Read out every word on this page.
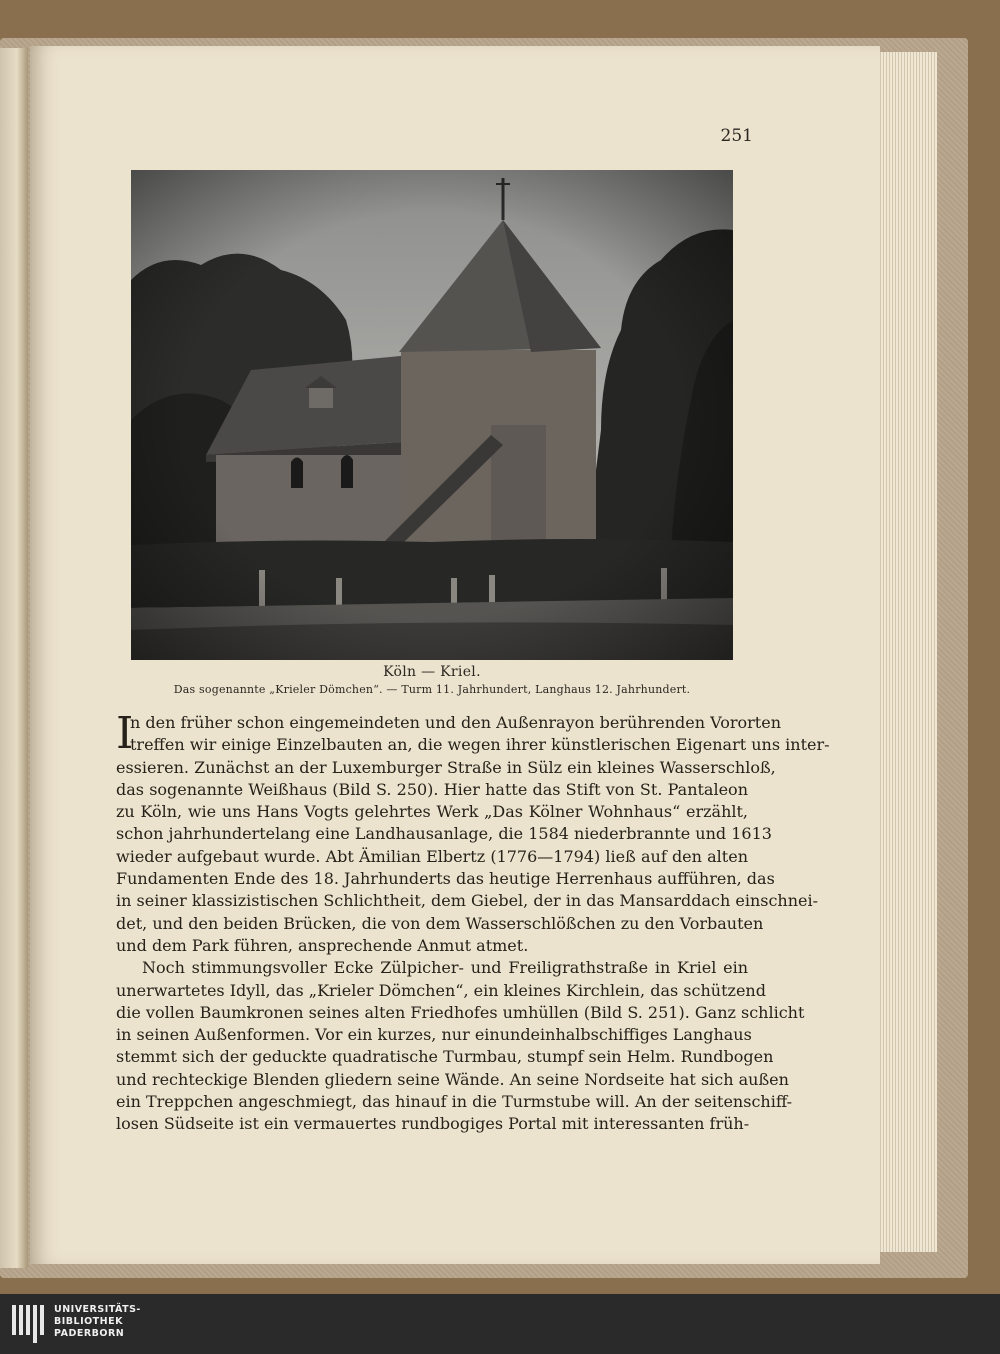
251
Köln — Kriel.
Das sogenannte „Krieler Dömchen“. — Turm 11. Jahrhundert, Langhaus 12. Jahrhundert.
I
n den früher schon eingemeindeten und den Außenrayon berührenden Vororten
treffen wir einige Einzelbauten an, die wegen ihrer künstlerischen Eigenart uns inter-
essieren. Zunächst an der Luxemburger Straße in Sülz ein kleines Wasserschloß,
das sogenannte Weißhaus (Bild S. 250). Hier hatte das Stift von St. Pantaleon
zu Köln, wie uns Hans Vogts gelehrtes Werk „Das Kölner Wohnhaus“ erzählt,
schon jahrhundertelang eine Landhausanlage, die 1584 niederbrannte und 1613
wieder aufgebaut wurde. Abt Ämilian Elbertz (1776—1794) ließ auf den alten
Fundamenten Ende des 18. Jahrhunderts das heutige Herrenhaus aufführen, das
in seiner klassizistischen Schlichtheit, dem Giebel, der in das Mansarddach einschnei-
det, und den beiden Brücken, die von dem Wasserschlößchen zu den Vorbauten
und dem Park führen, ansprechende Anmut atmet.
Noch stimmungsvoller Ecke Zülpicher- und Freiligrathstraße in Kriel ein
unerwartetes Idyll, das „Krieler Dömchen“, ein kleines Kirchlein, das schützend
die vollen Baumkronen seines alten Friedhofes umhüllen (Bild S. 251). Ganz schlicht
in seinen Außenformen. Vor ein kurzes, nur einundeinhalbschiffiges Langhaus
stemmt sich der geduckte quadratische Turmbau, stumpf sein Helm. Rundbogen
und rechteckige Blenden gliedern seine Wände. An seine Nordseite hat sich außen
ein Treppchen angeschmiegt, das hinauf in die Turmstube will. An der seitenschiff-
losen Südseite ist ein vermauertes rundbogiges Portal mit interessanten früh-
UNIVERSITÄTS-
BIBLIOTHEK
PADERBORN
